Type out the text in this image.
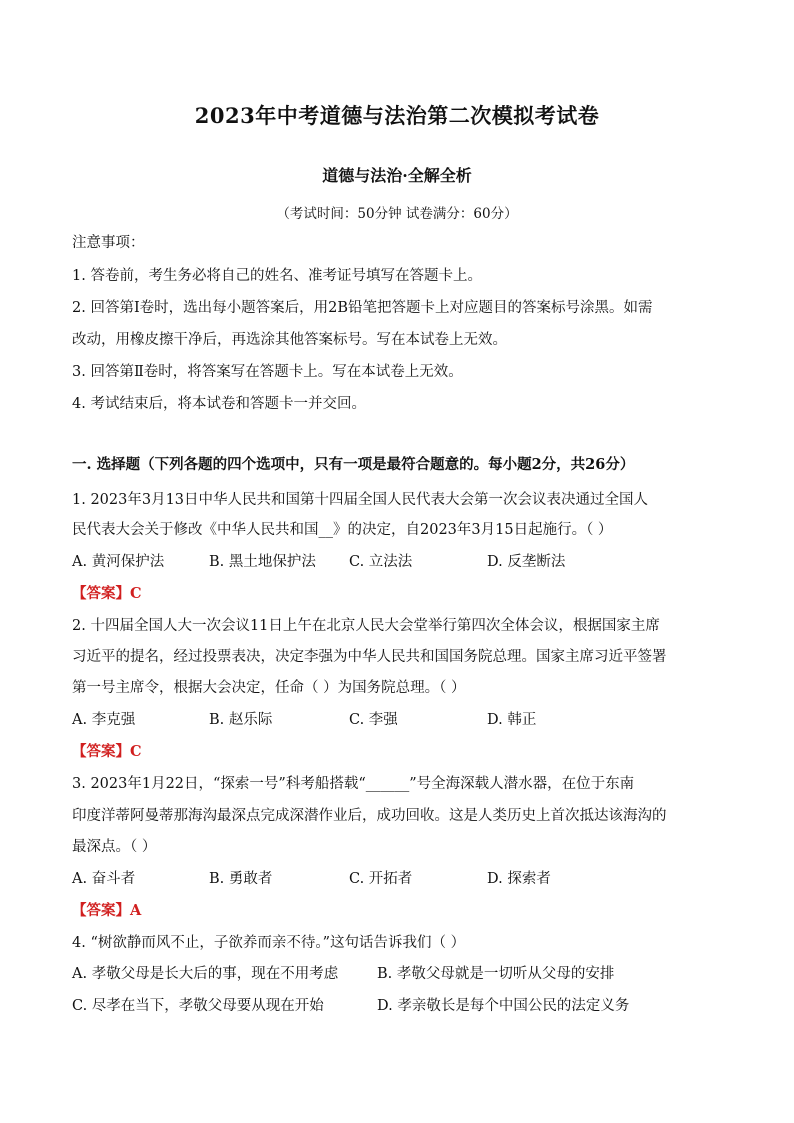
2023年中考道德与法治第二次模拟考试卷
道德与法治·全解全析
（考试时间：50分钟 试卷满分：60分）
注意事项：
1. 答卷前，考生务必将自己的姓名、准考证号填写在答题卡上。
2. 回答第Ⅰ卷时，选出每小题答案后，用2B铅笔把答题卡上对应题目的答案标号涂黑。如需
改动，用橡皮擦干净后，再选涂其他答案标号。写在本试卷上无效。
3. 回答第Ⅱ卷时，将答案写在答题卡上。写在本试卷上无效。
4. 考试结束后，将本试卷和答题卡一并交回。
一. 选择题（下列各题的四个选项中，只有一项是最符合题意的。每小题2分，共26分）
1. 2023年3月13日中华人民共和国第十四届全国人民代表大会第一次会议表决通过全国人
民代表大会关于修改《中华人民共和国__》的决定，自2023年3月15日起施行。（ ）
A. 黄河保护法	B. 黑土地保护法 C. 立法法	D. 反垄断法
【答案】C
2. 十四届全国人大一次会议11日上午在北京人民大会堂举行第四次全体会议，根据国家主席
习近平的提名，经过投票表决，决定李强为中华人民共和国国务院总理。国家主席习近平签署
第一号主席令，根据大会决定，任命（ ）为国务院总理。（ ）
A. 李克强	B. 赵乐际	C. 李强	D. 韩正
【答案】C
3. 2023年1月22日，“探索一号”科考船搭载“______”号全海深载人潜水器，在位于东南
印度洋蒂阿曼蒂那海沟最深点完成深潜作业后，成功回收。这是人类历史上首次抵达该海沟的
最深点。（ ）
A. 奋斗者	B. 勇敢者	C. 开拓者	D. 探索者
【答案】A
4. “树欲静而风不止，子欲养而亲不待。”这句话告诉我们（ ）
A. 孝敬父母是长大后的事，现在不用考虑	B. 孝敬父母就是一切听从父母的安排
C. 尽孝在当下，孝敬父母要从现在开始	D. 孝亲敬长是每个中国公民的法定义务
